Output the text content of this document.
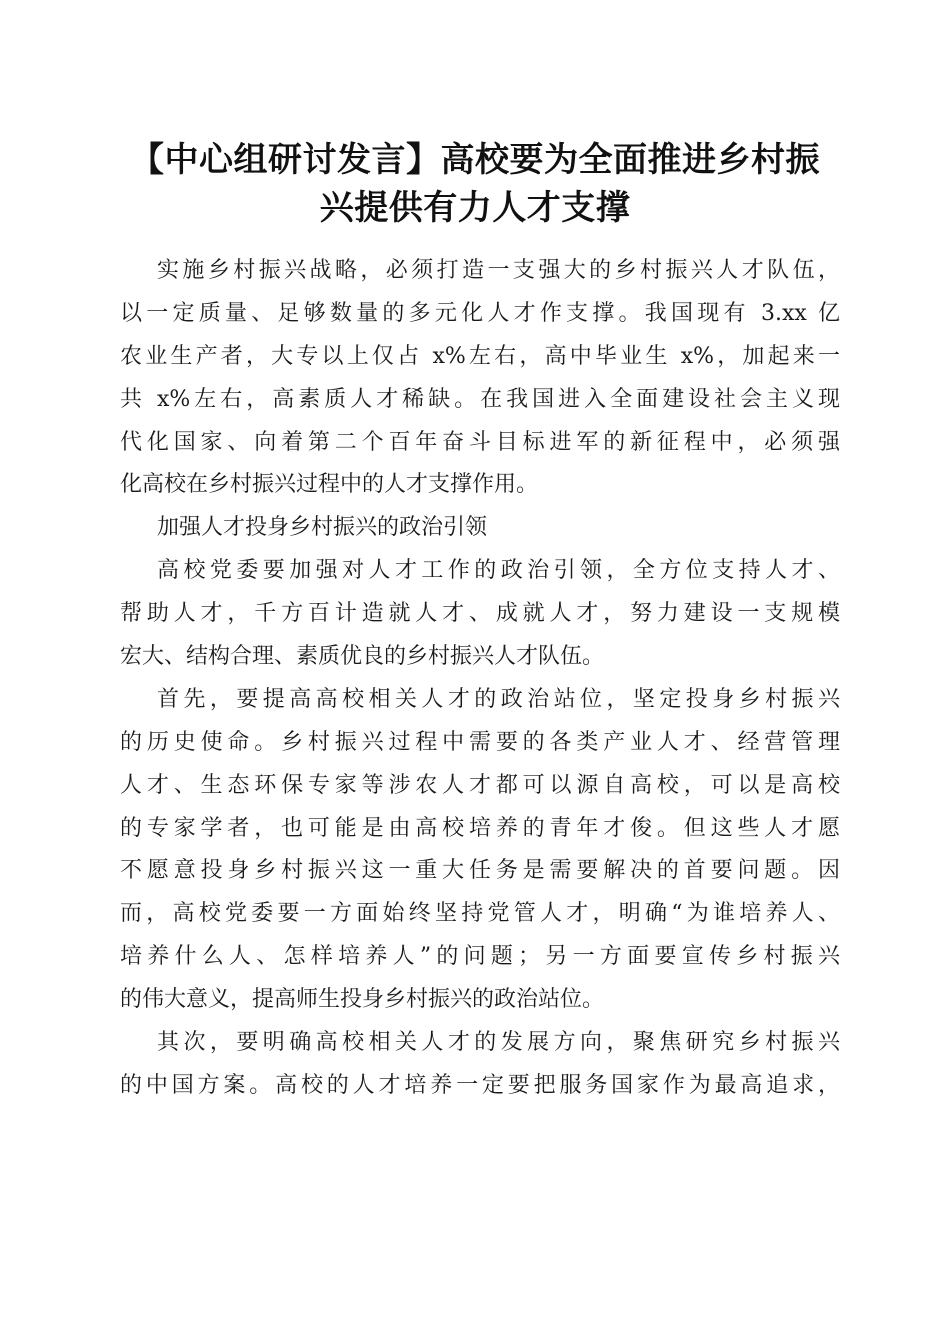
【中心组研讨发言】高校要为全面推进乡村振
兴提供有力人才支撑
实施乡村振兴战略，必须打造一支强大的乡村振兴人才队伍，
以一定质量、足够数量的多元化人才作支撑。我国现有 3.xx 亿
农业生产者，大专以上仅占 x%左右，高中毕业生 x%，加起来一
共 x%左右，高素质人才稀缺。在我国进入全面建设社会主义现
代化国家、向着第二个百年奋斗目标进军的新征程中，必须强
化高校在乡村振兴过程中的人才支撑作用。
加强人才投身乡村振兴的政治引领
高校党委要加强对人才工作的政治引领，全方位支持人才、
帮助人才，千方百计造就人才、成就人才，努力建设一支规模
宏大、结构合理、素质优良的乡村振兴人才队伍。
首先，要提高高校相关人才的政治站位，坚定投身乡村振兴
的历史使命。乡村振兴过程中需要的各类产业人才、经营管理
人才、生态环保专家等涉农人才都可以源自高校，可以是高校
的专家学者，也可能是由高校培养的青年才俊。但这些人才愿
不愿意投身乡村振兴这一重大任务是需要解决的首要问题。因
而，高校党委要一方面始终坚持党管人才，明确“为谁培养人、
培养什么人、怎样培养人”的问题；另一方面要宣传乡村振兴
的伟大意义，提高师生投身乡村振兴的政治站位。
其次，要明确高校相关人才的发展方向，聚焦研究乡村振兴
的中国方案。高校的人才培养一定要把服务国家作为最高追求，
